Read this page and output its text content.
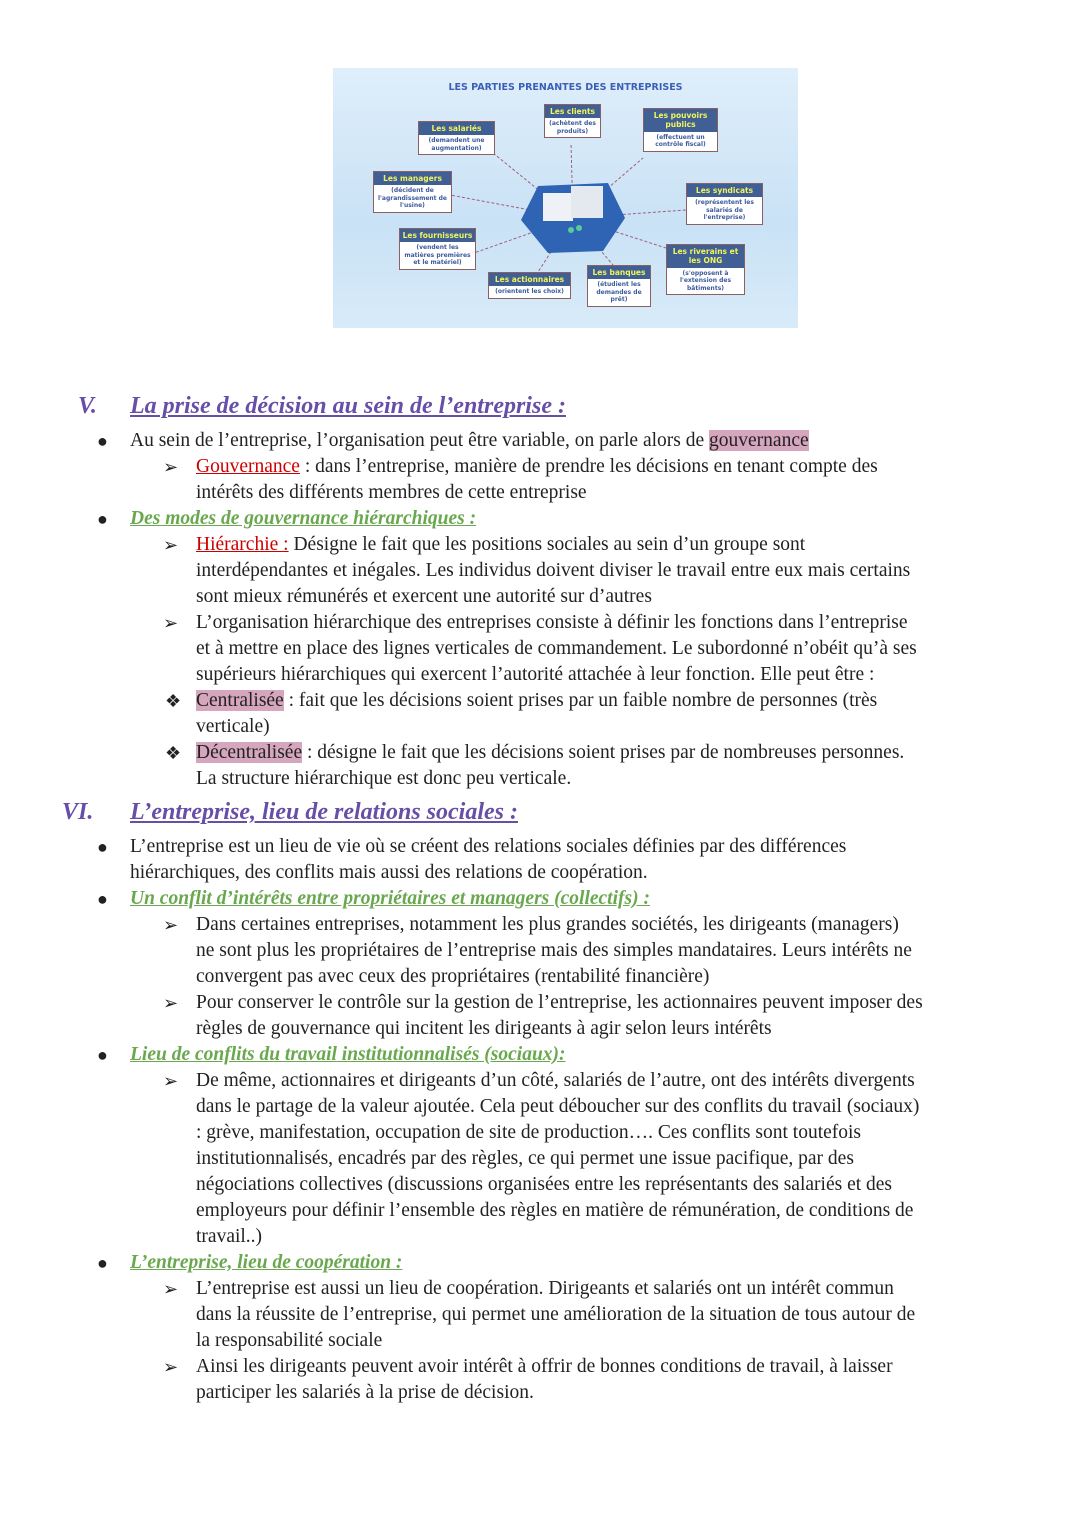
LES PARTIES PRENANTES DES ENTREPRISES
Les salariés
(demandent une augmentation)
Les clients
(achètent des produits)
Les pouvoirs publics
(effectuent un contrôle fiscal)
Les managers
(décident de l'agrandissement de l'usine)
Les syndicats
(représentent les salariés de l'entreprise)
Les fournisseurs
(vendent les matières premières et le matériel)
Les actionnaires
(orientent les choix)
Les banques
(étudient les demandes de prêt)
Les riverains et les ONG
(s'opposent à l'extension des bâtiments)
V. La prise de décision au sein de l’entreprise :
● Au sein de l’entreprise, l’organisation peut être variable, on parle alors de gouvernance
➢ Gouvernance : dans l’entreprise, manière de prendre les décisions en tenant compte des
intérêts des différents membres de cette entreprise
● Des modes de gouvernance hiérarchiques :
➢ Hiérarchie : Désigne le fait que les positions sociales au sein d’un groupe sont
interdépendantes et inégales. Les individus doivent diviser le travail entre eux mais certains
sont mieux rémunérés et exercent une autorité sur d’autres
➢ L’organisation hiérarchique des entreprises consiste à définir les fonctions dans l’entreprise
et à mettre en place des lignes verticales de commandement. Le subordonné n’obéit qu’à ses
supérieurs hiérarchiques qui exercent l’autorité attachée à leur fonction. Elle peut être :
❖ Centralisée : fait que les décisions soient prises par un faible nombre de personnes (très
verticale)
❖ Décentralisée : désigne le fait que les décisions soient prises par de nombreuses personnes.
La structure hiérarchique est donc peu verticale.
VI. L’entreprise, lieu de relations sociales :
● L’entreprise est un lieu de vie où se créent des relations sociales définies par des différences
hiérarchiques, des conflits mais aussi des relations de coopération.
● Un conflit d’intérêts entre propriétaires et managers (collectifs) :
➢ Dans certaines entreprises, notamment les plus grandes sociétés, les dirigeants (managers)
ne sont plus les propriétaires de l’entreprise mais des simples mandataires. Leurs intérêts ne
convergent pas avec ceux des propriétaires (rentabilité financière)
➢ Pour conserver le contrôle sur la gestion de l’entreprise, les actionnaires peuvent imposer des
règles de gouvernance qui incitent les dirigeants à agir selon leurs intérêts
● Lieu de conflits du travail institutionnalisés (sociaux):
➢ De même, actionnaires et dirigeants d’un côté, salariés de l’autre, ont des intérêts divergents
dans le partage de la valeur ajoutée. Cela peut déboucher sur des conflits du travail (sociaux)
: grève, manifestation, occupation de site de production…. Ces conflits sont toutefois
institutionnalisés, encadrés par des règles, ce qui permet une issue pacifique, par des
négociations collectives (discussions organisées entre les représentants des salariés et des
employeurs pour définir l’ensemble des règles en matière de rémunération, de conditions de
travail..)
● L’entreprise, lieu de coopération :
➢ L’entreprise est aussi un lieu de coopération. Dirigeants et salariés ont un intérêt commun
dans la réussite de l’entreprise, qui permet une amélioration de la situation de tous autour de
la responsabilité sociale
➢ Ainsi les dirigeants peuvent avoir intérêt à offrir de bonnes conditions de travail, à laisser
participer les salariés à la prise de décision.
